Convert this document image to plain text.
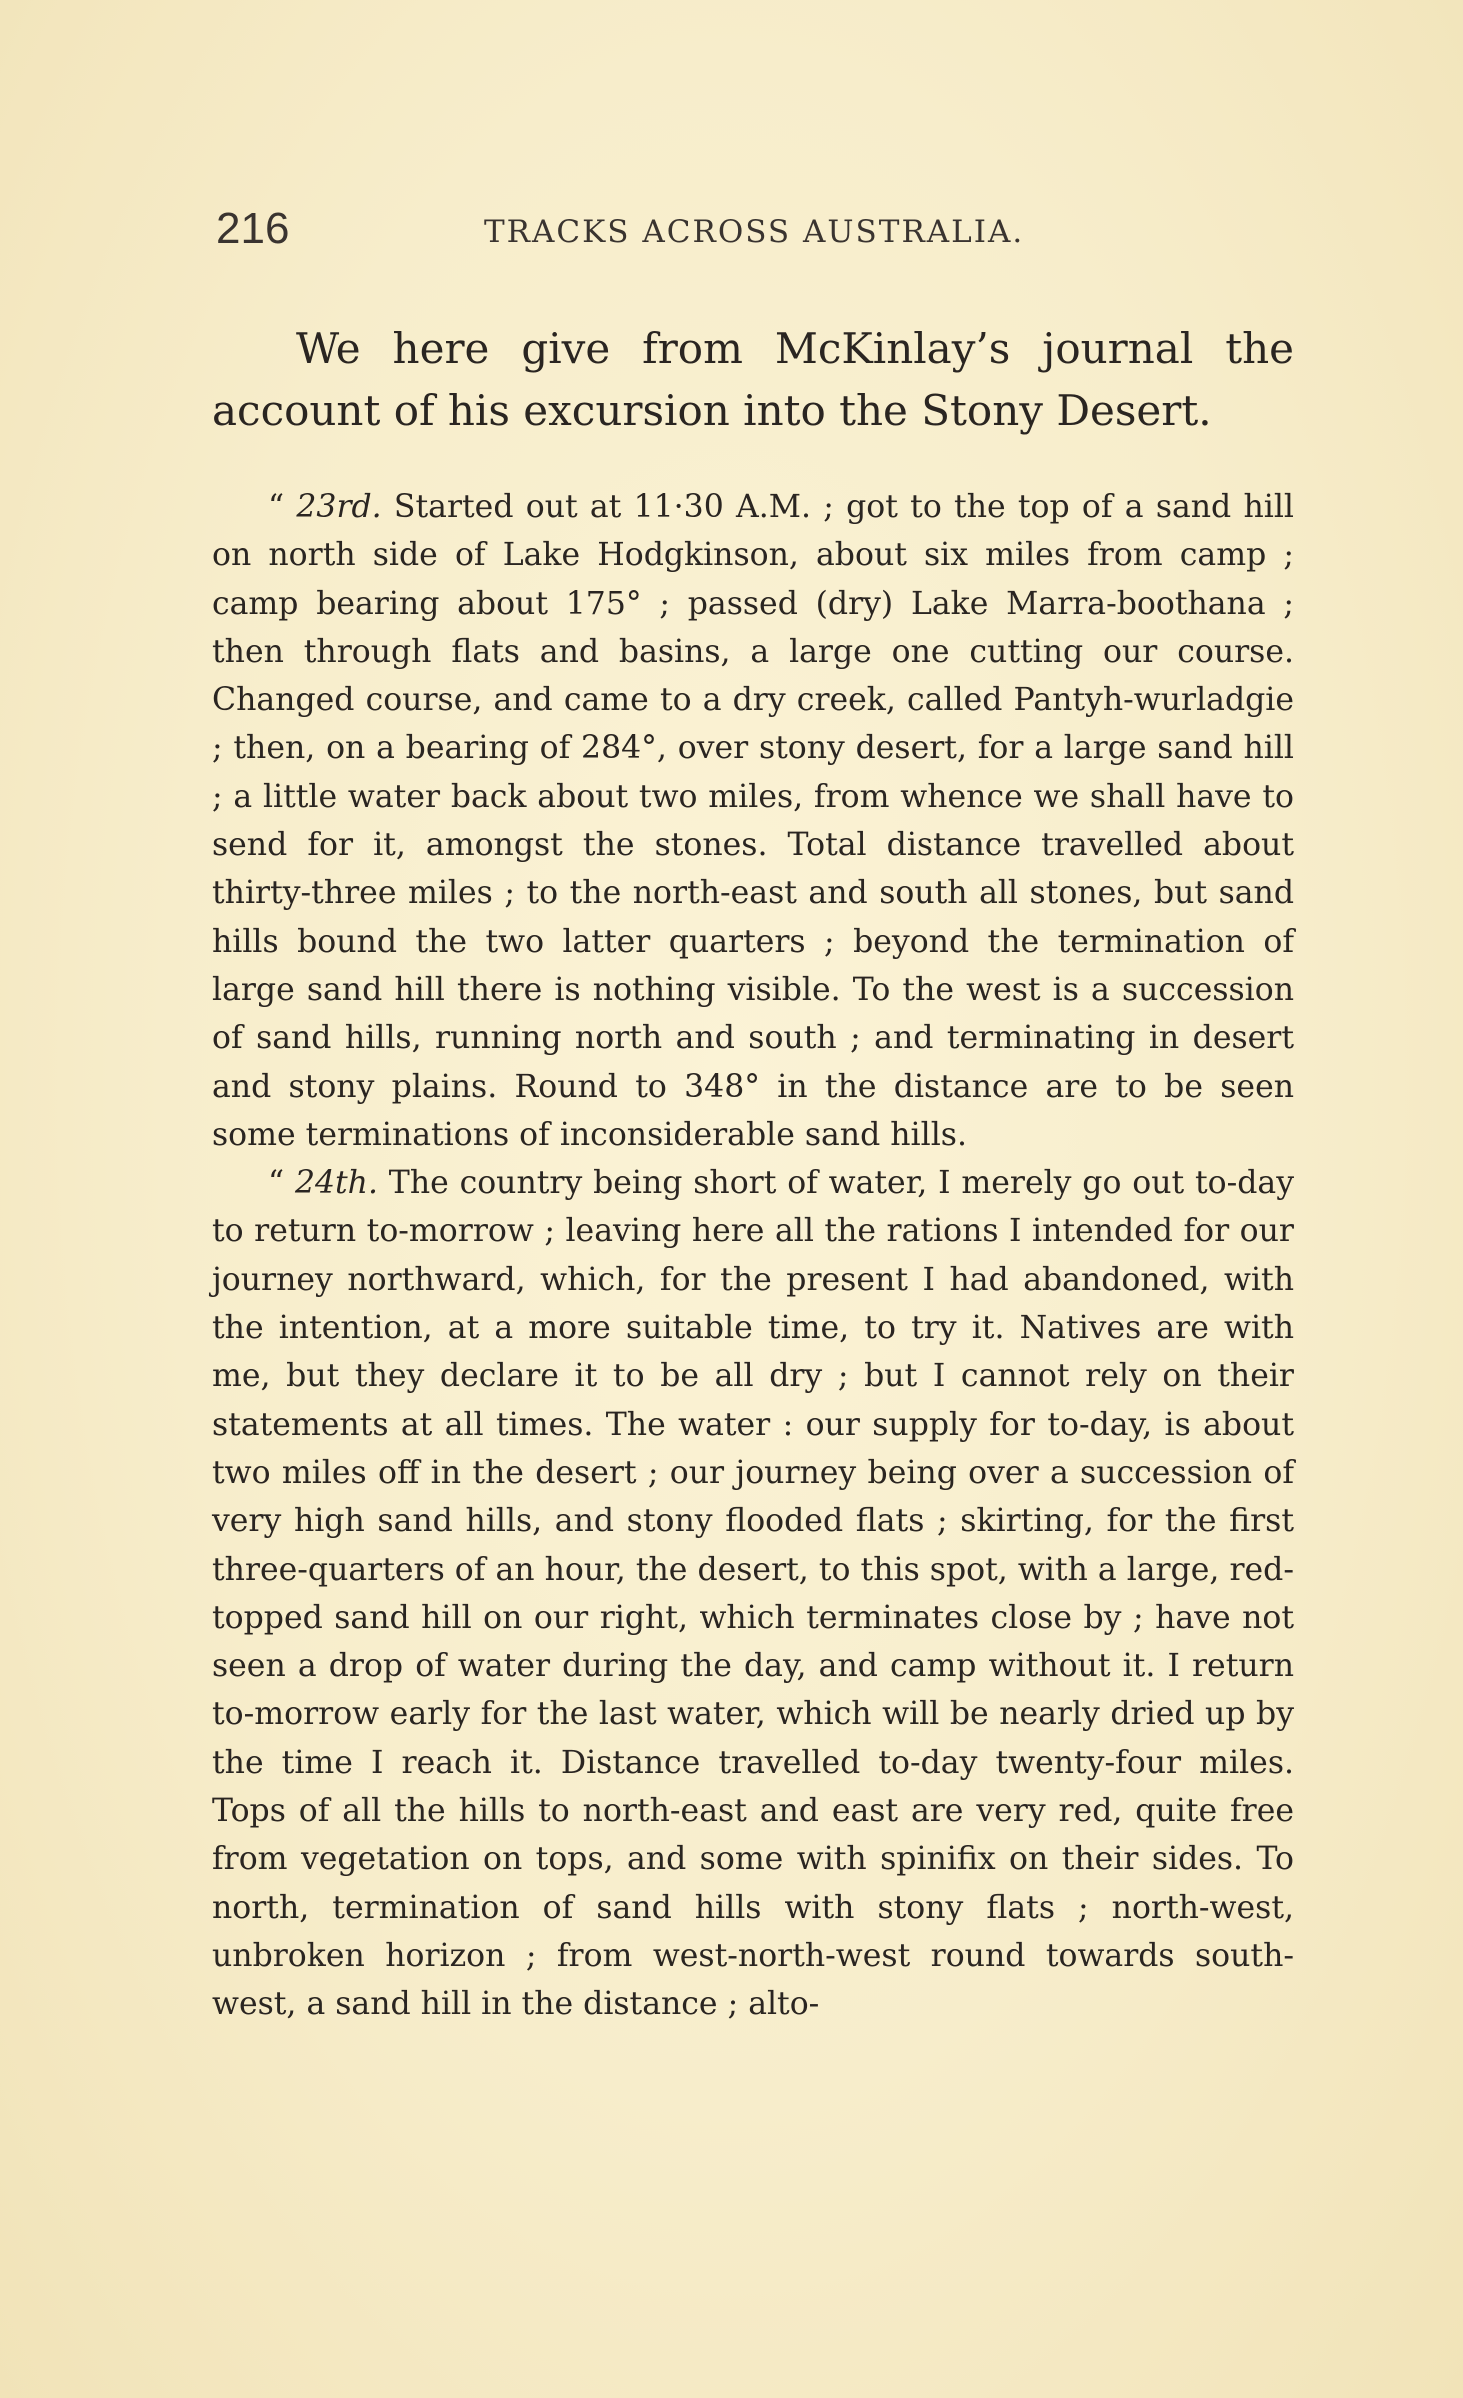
216	TRACKS ACROSS AUSTRALIA.

We here give from McKinlay’s journal the account of his excursion into the Stony Desert.

“ 23rd. Started out at 11·30 A.M. ; got to the top of a sand hill on north side of Lake Hodgkinson, about six miles from camp ; camp bearing about 175° ; passed (dry) Lake Marra-boothana ; then through flats and basins, a large one cutting our course. Changed course, and came to a dry creek, called Pantyh-wurladgie ; then, on a bearing of 284°, over stony desert, for a large sand hill ; a little water back about two miles, from whence we shall have to send for it, amongst the stones. Total distance travelled about thirty-three miles ; to the north-east and south all stones, but sand hills bound the two latter quarters ; beyond the termination of large sand hill there is nothing visible. To the west is a succession of sand hills, running north and south ; and terminating in desert and stony plains. Round to 348° in the distance are to be seen some terminations of inconsiderable sand hills.

“ 24th. The country being short of water, I merely go out to-day to return to-morrow ; leaving here all the rations I intended for our journey northward, which, for the present I had abandoned, with the intention, at a more suitable time, to try it. Natives are with me, but they declare it to be all dry ; but I cannot rely on their statements at all times. The water : our supply for to-day, is about two miles off in the desert ; our journey being over a succession of very high sand hills, and stony flooded flats ; skirting, for the first three-quarters of an hour, the desert, to this spot, with a large, red-topped sand hill on our right, which terminates close by ; have not seen a drop of water during the day, and camp without it. I return to-morrow early for the last water, which will be nearly dried up by the time I reach it. Distance travelled to-day twenty-four miles. Tops of all the hills to north-east and east are very red, quite free from vegetation on tops, and some with spinifix on their sides. To north, termination of sand hills with stony flats ; north-west, unbroken horizon ; from west-north-west round towards south-west, a sand hill in the distance ; alto-
